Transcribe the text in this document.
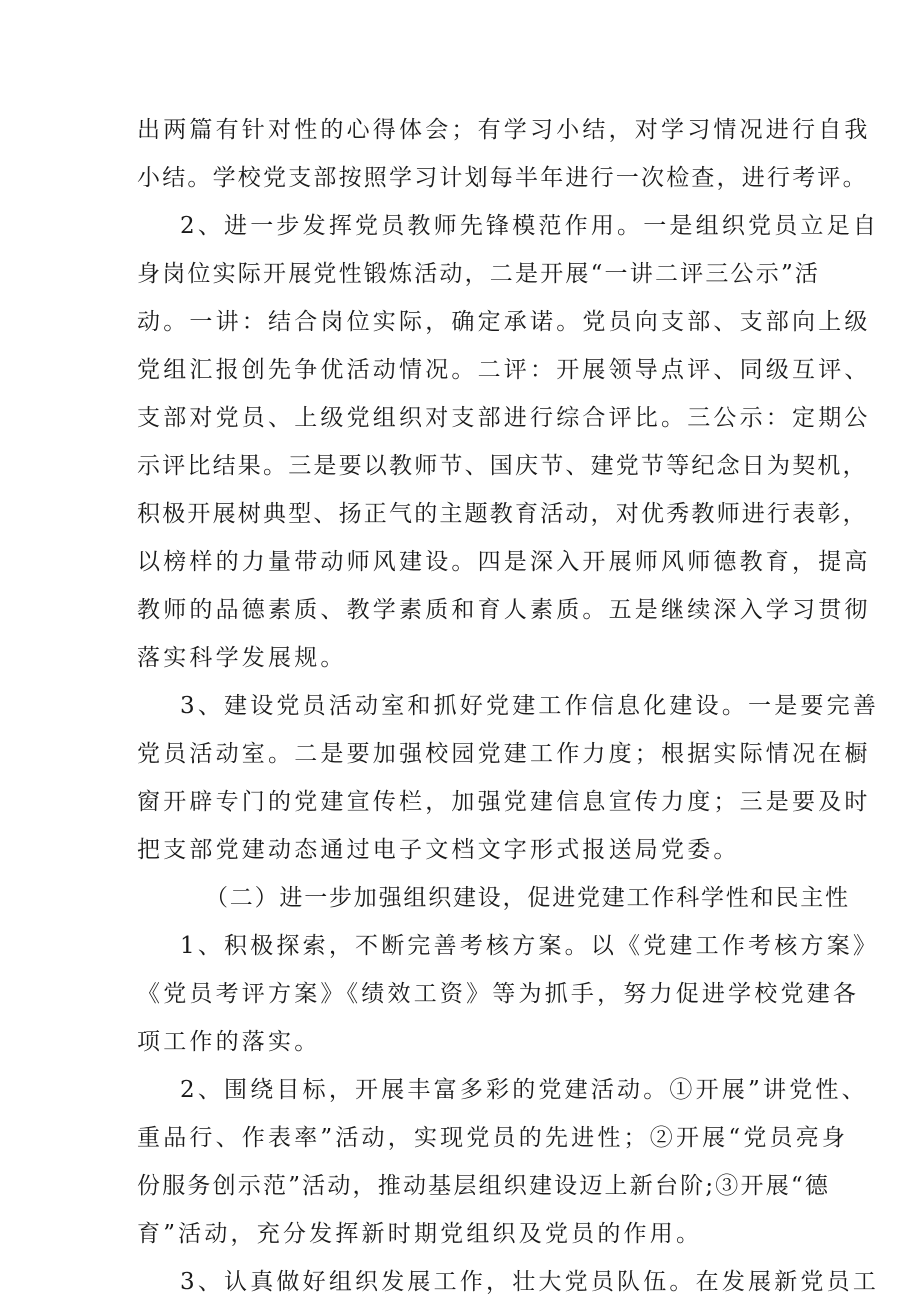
出两篇有针对性的心得体会；有学习小结，对学习情况进行自我
小结。学校党支部按照学习计划每半年进行一次检查，进行考评。
2、进一步发挥党员教师先锋模范作用。一是组织党员立足自
身岗位实际开展党性锻炼活动，二是开展“一讲二评三公示”活
动。一讲：结合岗位实际，确定承诺。党员向支部、支部向上级
党组汇报创先争优活动情况。二评：开展领导点评、同级互评、
支部对党员、上级党组织对支部进行综合评比。三公示：定期公
示评比结果。三是要以教师节、国庆节、建党节等纪念日为契机，
积极开展树典型、扬正气的主题教育活动，对优秀教师进行表彰，
以榜样的力量带动师风建设。四是深入开展师风师德教育，提高
教师的品德素质、教学素质和育人素质。五是继续深入学习贯彻
落实科学发展规。
3、建设党员活动室和抓好党建工作信息化建设。一是要完善
党员活动室。二是要加强校园党建工作力度；根据实际情况在橱
窗开辟专门的党建宣传栏，加强党建信息宣传力度；三是要及时
把支部党建动态通过电子文档文字形式报送局党委。
（二）进一步加强组织建设，促进党建工作科学性和民主性
1、积极探索，不断完善考核方案。以《党建工作考核方案》
《党员考评方案》《绩效工资》等为抓手，努力促进学校党建各
项工作的落实。
2、围绕目标，开展丰富多彩的党建活动。①开展”讲党性、
重品行、作表率”活动，实现党员的先进性；②开展“党员亮身
份服务创示范”活动，推动基层组织建设迈上新台阶;③开展“德
育”活动，充分发挥新时期党组织及党员的作用。
3、认真做好组织发展工作，壮大党员队伍。在发展新党员工
